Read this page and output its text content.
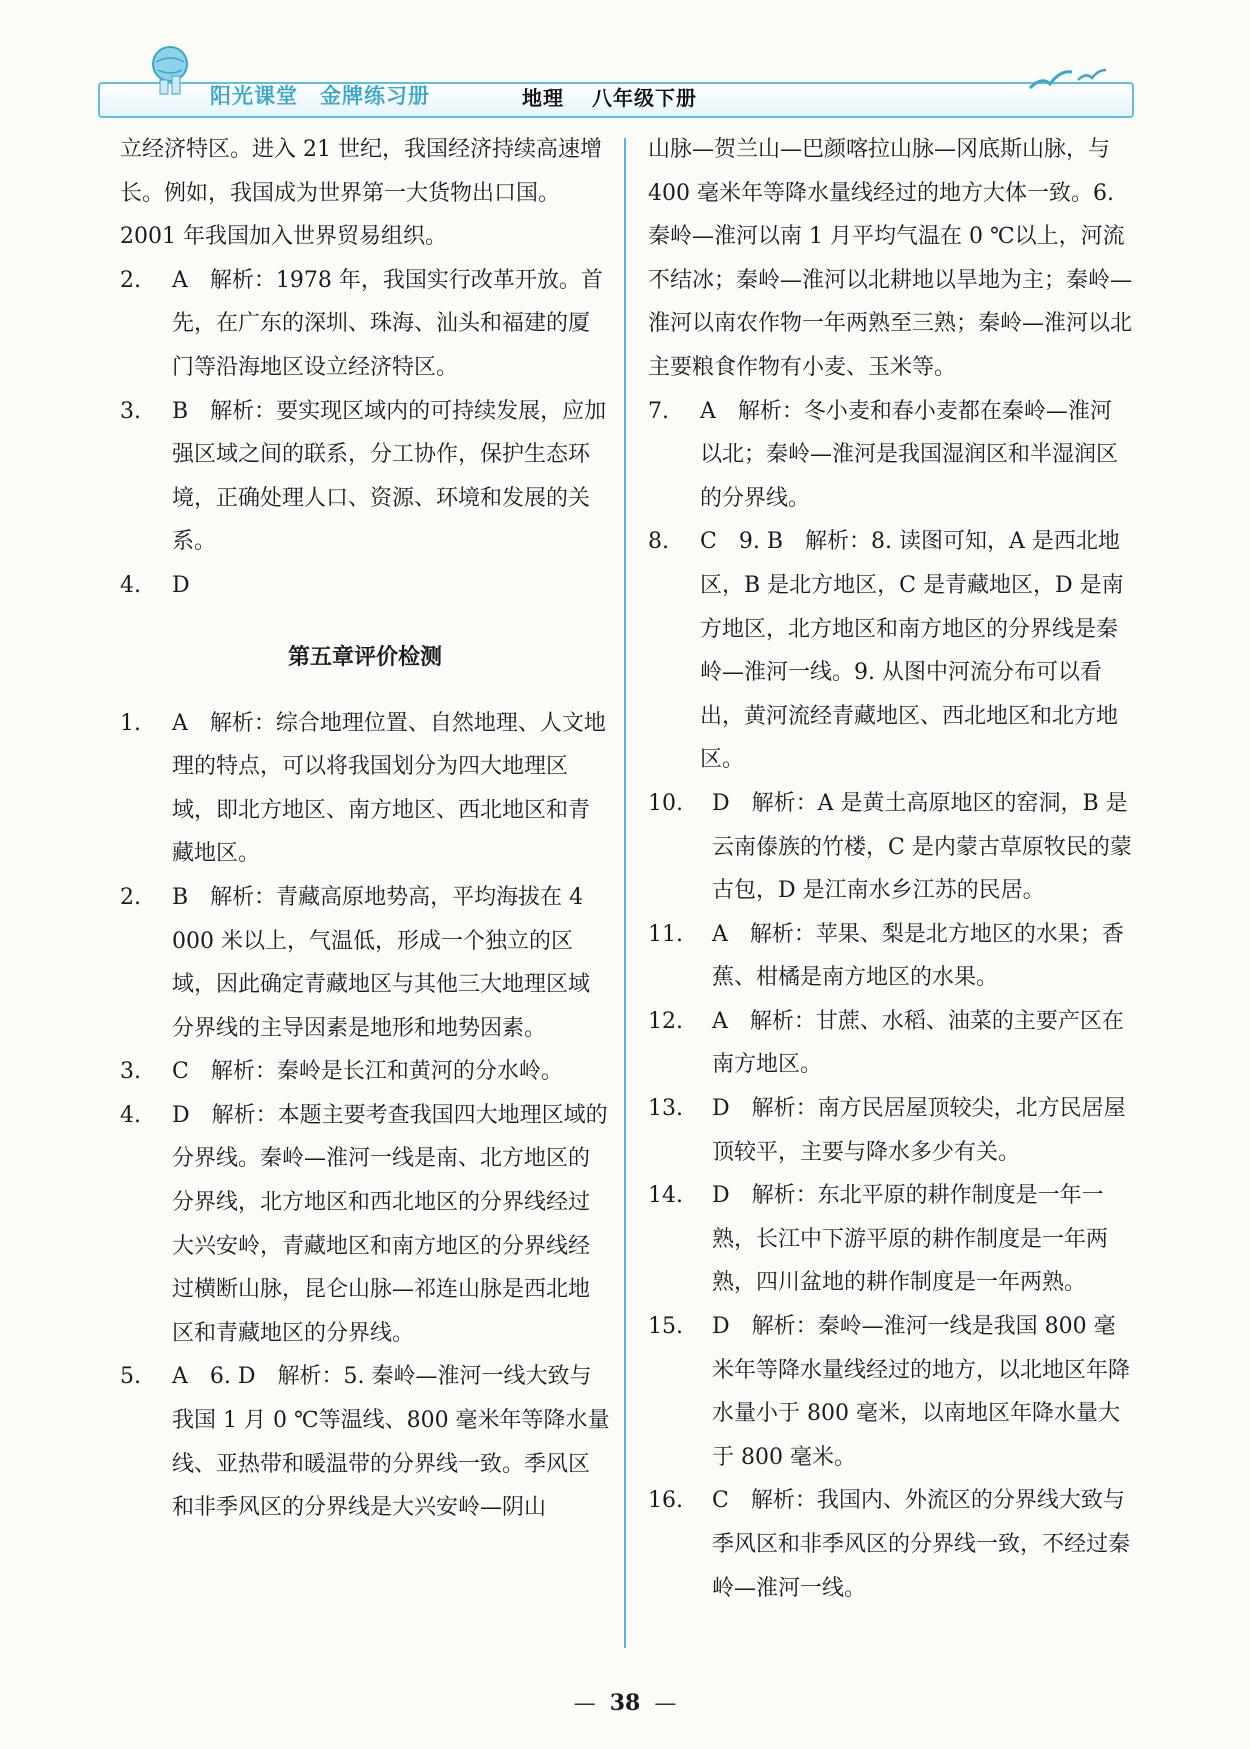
阳光课堂 金牌练习册	地理 八年级下册

立经济特区。进入 21 世纪，我国经济持续高速增长。例如，我国成为世界第一大货物出口国。2001 年我国加入世界贸易组织。

2. A　解析：1978 年，我国实行改革开放。首先，在广东的深圳、珠海、汕头和福建的厦门等沿海地区设立经济特区。

3. B　解析：要实现区域内的可持续发展，应加强区域之间的联系，分工协作，保护生态环境，正确处理人口、资源、环境和发展的关系。

4. D

第五章评价检测

1. A　解析：综合地理位置、自然地理、人文地理的特点，可以将我国划分为四大地理区域，即北方地区、南方地区、西北地区和青藏地区。

2. B　解析：青藏高原地势高，平均海拔在 4 000 米以上，气温低，形成一个独立的区域，因此确定青藏地区与其他三大地理区域分界线的主导因素是地形和地势因素。

3. C　解析：秦岭是长江和黄河的分水岭。

4. D　解析：本题主要考查我国四大地理区域的分界线。秦岭—淮河一线是南、北方地区的分界线，北方地区和西北地区的分界线经过大兴安岭，青藏地区和南方地区的分界线经过横断山脉，昆仑山脉—祁连山脉是西北地区和青藏地区的分界线。

5. A　6. D　解析：5. 秦岭—淮河一线大致与我国 1 月 0 ℃等温线、800 毫米年等降水量线、亚热带和暖温带的分界线一致。季风区和非季风区的分界线是大兴安岭—阴山

山脉—贺兰山—巴颜喀拉山脉—冈底斯山脉，与 400 毫米年等降水量线经过的地方大体一致。6. 秦岭—淮河以南 1 月平均气温在 0 ℃以上，河流不结冰；秦岭—淮河以北耕地以旱地为主；秦岭—淮河以南农作物一年两熟至三熟；秦岭—淮河以北主要粮食作物有小麦、玉米等。

7. A　解析：冬小麦和春小麦都在秦岭—淮河以北；秦岭—淮河是我国湿润区和半湿润区的分界线。

8. C　9. B　解析：8. 读图可知，A 是西北地区，B 是北方地区，C 是青藏地区，D 是南方地区，北方地区和南方地区的分界线是秦岭—淮河一线。9. 从图中河流分布可以看出，黄河流经青藏地区、西北地区和北方地区。

10. D　解析：A 是黄土高原地区的窑洞，B 是云南傣族的竹楼，C 是内蒙古草原牧民的蒙古包，D 是江南水乡江苏的民居。

11. A　解析：苹果、梨是北方地区的水果；香蕉、柑橘是南方地区的水果。

12. A　解析：甘蔗、水稻、油菜的主要产区在南方地区。

13. D　解析：南方民居屋顶较尖，北方民居屋顶较平，主要与降水多少有关。

14. D　解析：东北平原的耕作制度是一年一熟，长江中下游平原的耕作制度是一年两熟，四川盆地的耕作制度是一年两熟。

15. D　解析：秦岭—淮河一线是我国 800 毫米年等降水量线经过的地方，以北地区年降水量小于 800 毫米，以南地区年降水量大于 800 毫米。

16. C　解析：我国内、外流区的分界线大致与季风区和非季风区的分界线一致，不经过秦岭—淮河一线。

— 38 —
